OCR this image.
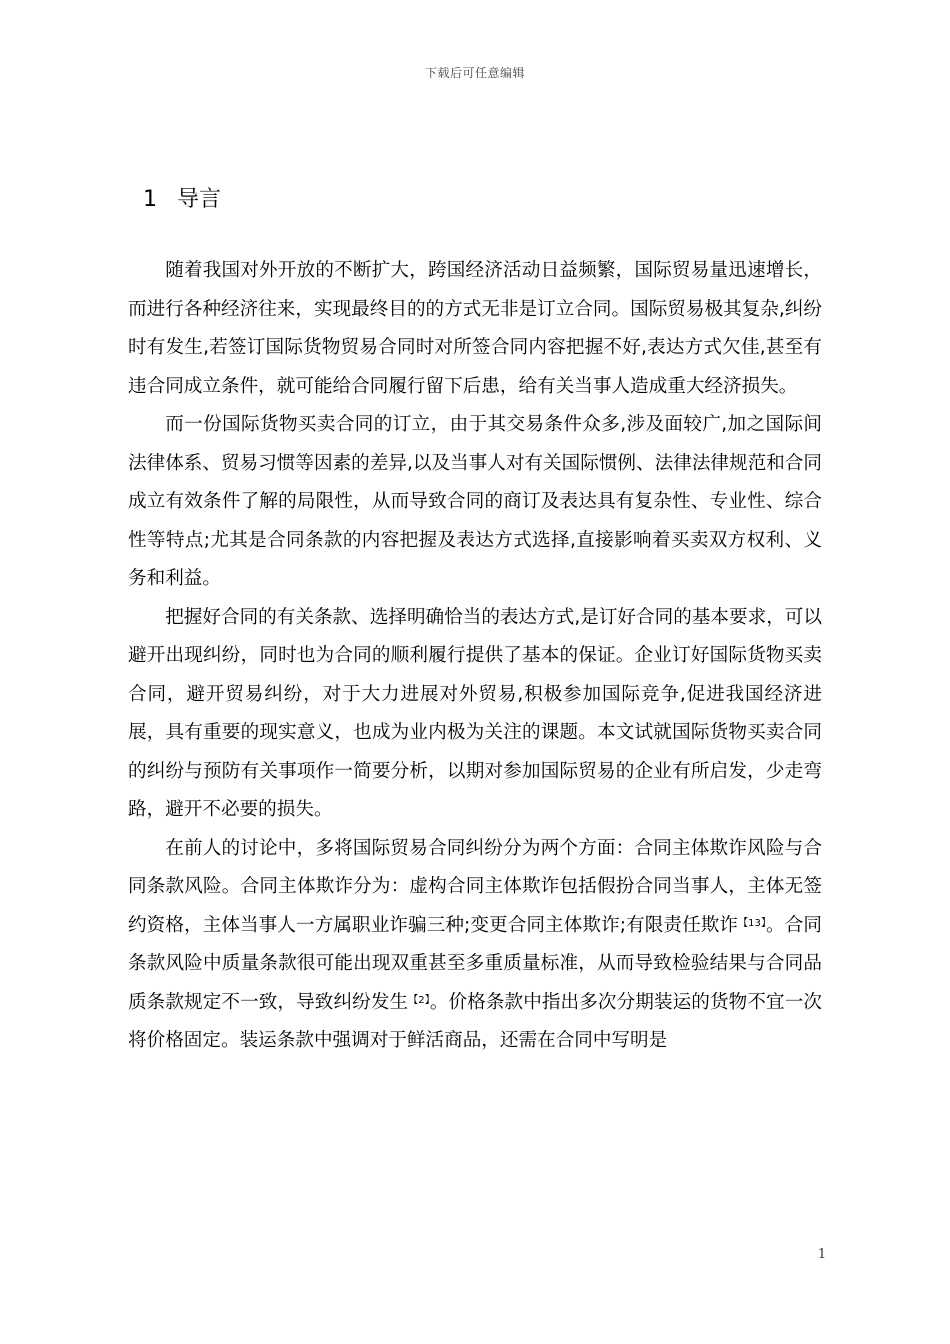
下载后可任意编辑
1 导言

随着我国对外开放的不断扩大，跨国经济活动日益频繁，国际贸易量迅速增长，而进行各种经济往来，实现最终目的的方式无非是订立合同。国际贸易极其复杂,纠纷时有发生,若签订国际货物贸易合同时对所签合同内容把握不好,表达方式欠佳,甚至有违合同成立条件，就可能给合同履行留下后患，给有关当事人造成重大经济损失。

而一份国际货物买卖合同的订立，由于其交易条件众多,涉及面较广,加之国际间法律体系、贸易习惯等因素的差异,以及当事人对有关国际惯例、法律法律规范和合同成立有效条件了解的局限性，从而导致合同的商订及表达具有复杂性、专业性、综合性等特点;尤其是合同条款的内容把握及表达方式选择,直接影响着买卖双方权利、义务和利益。

把握好合同的有关条款、选择明确恰当的表达方式,是订好合同的基本要求，可以避开出现纠纷，同时也为合同的顺利履行提供了基本的保证。企业订好国际货物买卖合同，避开贸易纠纷，对于大力进展对外贸易,积极参加国际竞争,促进我国经济进展，具有重要的现实意义，也成为业内极为关注的课题。本文试就国际货物买卖合同的纠纷与预防有关事项作一简要分析，以期对参加国际贸易的企业有所启发，少走弯路，避开不必要的损失。

在前人的讨论中，多将国际贸易合同纠纷分为两个方面：合同主体欺诈风险与合同条款风险。合同主体欺诈分为：虚构合同主体欺诈包括假扮合同当事人，主体无签约资格，主体当事人一方属职业诈骗三种;变更合同主体欺诈;有限责任欺诈$^{【13】}$。合同条款风险中质量条款很可能出现双重甚至多重质量标准，从而导致检验结果与合同品质条款规定不一致，导致纠纷发生$^{【2】}$。价格条款中指出多次分期装运的货物不宜一次将价格固定。装运条款中强调对于鲜活商品，还需在合同中写明是

1
